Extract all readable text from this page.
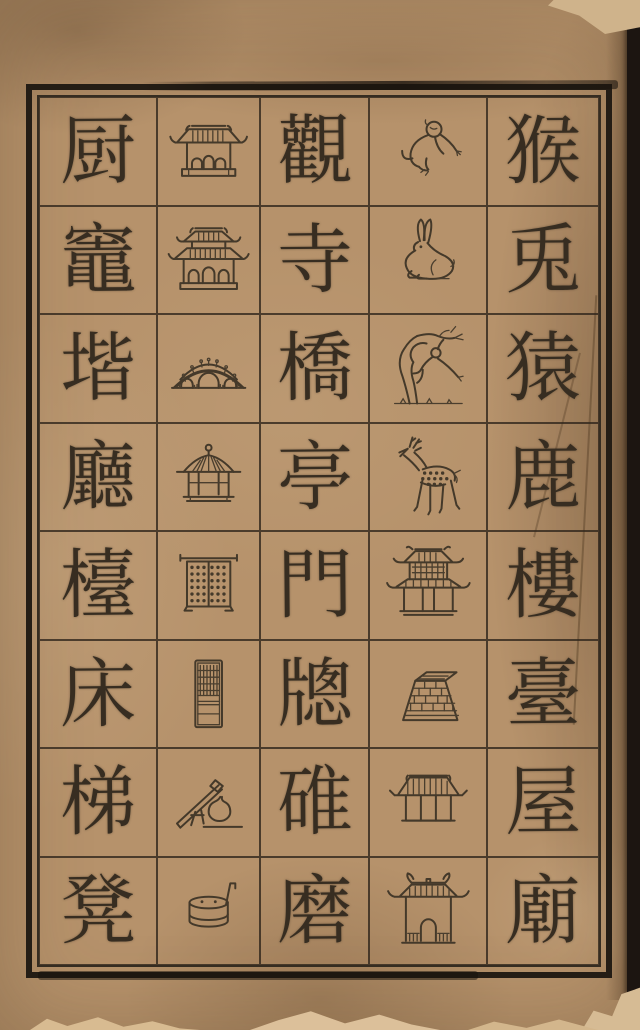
厨 觀 猴
竈 寺 兎
堦 橋 猿
廳 亭 鹿
檯 門 樓
床 牕 臺
梯 碓 屋
凳 磨 廟
